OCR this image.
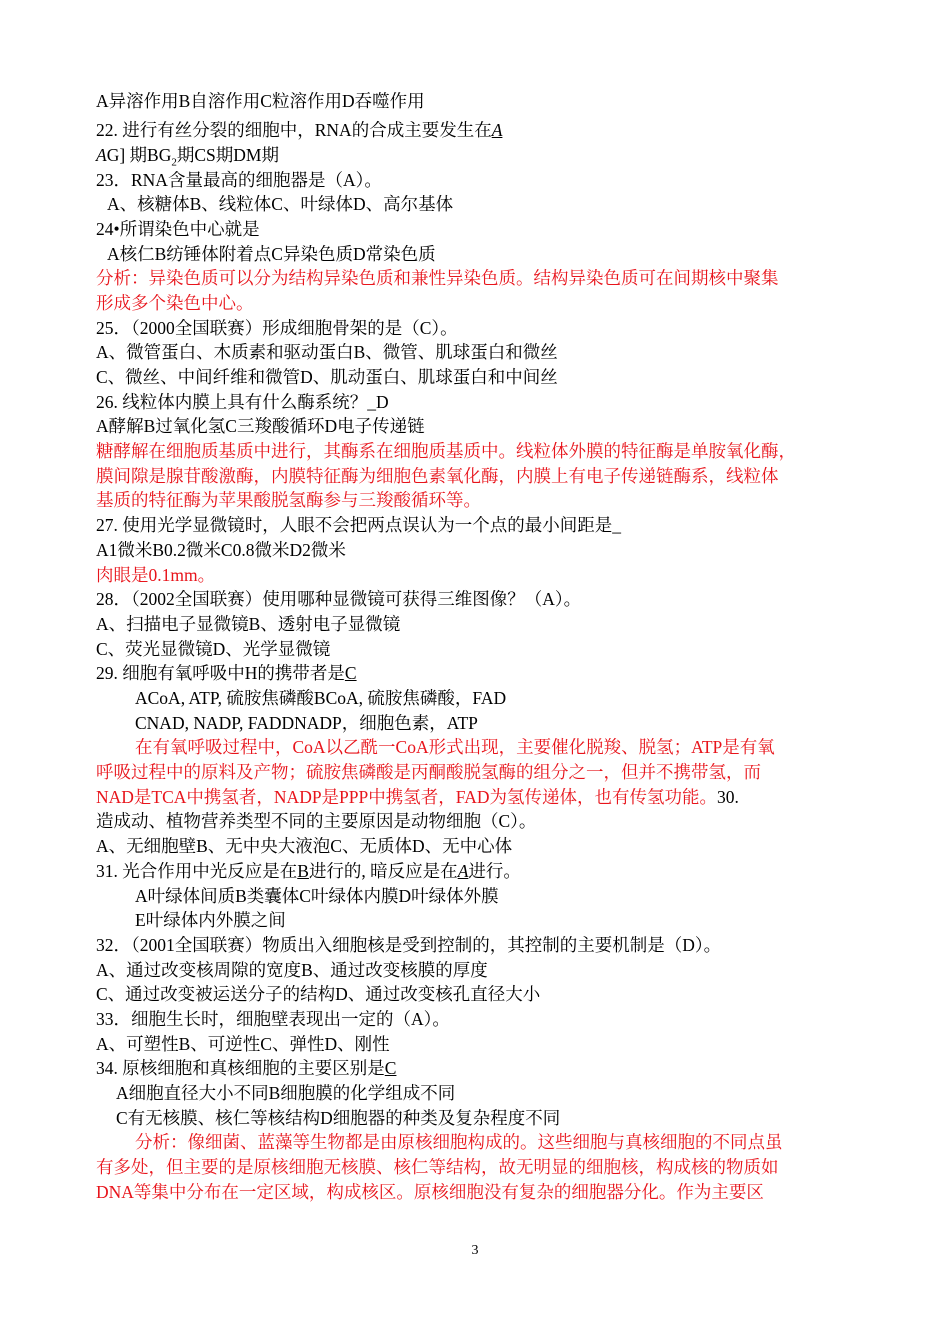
A异溶作用B自溶作用C粒溶作用D吞噬作用
22. 进行有丝分裂的细胞中，RNA的合成主要发生在A
AG] 期$BG_2$期CS期DM期
23．RNA含量最高的细胞器是（A）。
A、核糖体B、线粒体C、叶绿体D、高尔基体
24•所谓染色中心就是
A核仁B纺锤体附着点C异染色质D常染色质
分析：异染色质可以分为结构异染色质和兼性异染色质。结构异染色质可在间期核中聚集
形成多个染色中心。
25．（2000全国联赛）形成细胞骨架的是（C）。
A、微管蛋白、木质素和驱动蛋白B、微管、肌球蛋白和微丝
C、微丝、中间纤维和微管D、肌动蛋白、肌球蛋白和中间丝
26. 线粒体内膜上具有什么酶系统？_D
A酵解B过氧化氢C三羧酸循环D电子传递链
糖酵解在细胞质基质中进行，其酶系在细胞质基质中。线粒体外膜的特征酶是单胺氧化酶，
膜间隙是腺苷酸激酶，内膜特征酶为细胞色素氧化酶，内膜上有电子传递链酶系，线粒体
基质的特征酶为苹果酸脱氢酶参与三羧酸循环等。
27. 使用光学显微镜时，人眼不会把两点误认为一个点的最小间距是_
A1微米B0.2微米C0.8微米D2微米
肉眼是0.1mm。
28．（2002全国联赛）使用哪种显微镜可获得三维图像？（A）。
A、扫描电子显微镜B、透射电子显微镜
C、荧光显微镜D、光学显微镜
29. 细胞有氧呼吸中H的携带者是C
ACoA, ATP, 硫胺焦磷酸BCoA, 硫胺焦磷酸，FAD
CNAD, NADP, FADDNADP，细胞色素，ATP
在有氧呼吸过程中，CoA以乙酰一CoA形式出现，主要催化脱羧、脱氢；ATP是有氧
呼吸过程中的原料及产物；硫胺焦磷酸是丙酮酸脱氢酶的组分之一，但并不携带氢，而
NAD是TCA中携氢者，NADP是PPP中携氢者，FAD为氢传递体，也有传氢功能。30.
造成动、植物营养类型不同的主要原因是动物细胞（C）。
A、无细胞壁B、无中央大液泡C、无质体D、无中心体
31. 光合作用中光反应是在B进行的, 暗反应是在A进行。
A叶绿体间质B类囊体C叶绿体内膜D叶绿体外膜
E叶绿体内外膜之间
32．（2001全国联赛）物质出入细胞核是受到控制的，其控制的主要机制是（D）。
A、通过改变核周隙的宽度B、通过改变核膜的厚度
C、通过改变被运送分子的结构D、通过改变核孔直径大小
33．细胞生长时，细胞壁表现出一定的（A）。
A、可塑性B、可逆性C、弹性D、刚性
34. 原核细胞和真核细胞的主要区别是C
A细胞直径大小不同B细胞膜的化学组成不同
C有无核膜、核仁等核结构D细胞器的种类及复杂程度不同
分析：像细菌、蓝藻等生物都是由原核细胞构成的。这些细胞与真核细胞的不同点虽
有多处，但主要的是原核细胞无核膜、核仁等结构，故无明显的细胞核，构成核的物质如
DNA等集中分布在一定区域，构成核区。原核细胞没有复杂的细胞器分化。作为主要区
3
